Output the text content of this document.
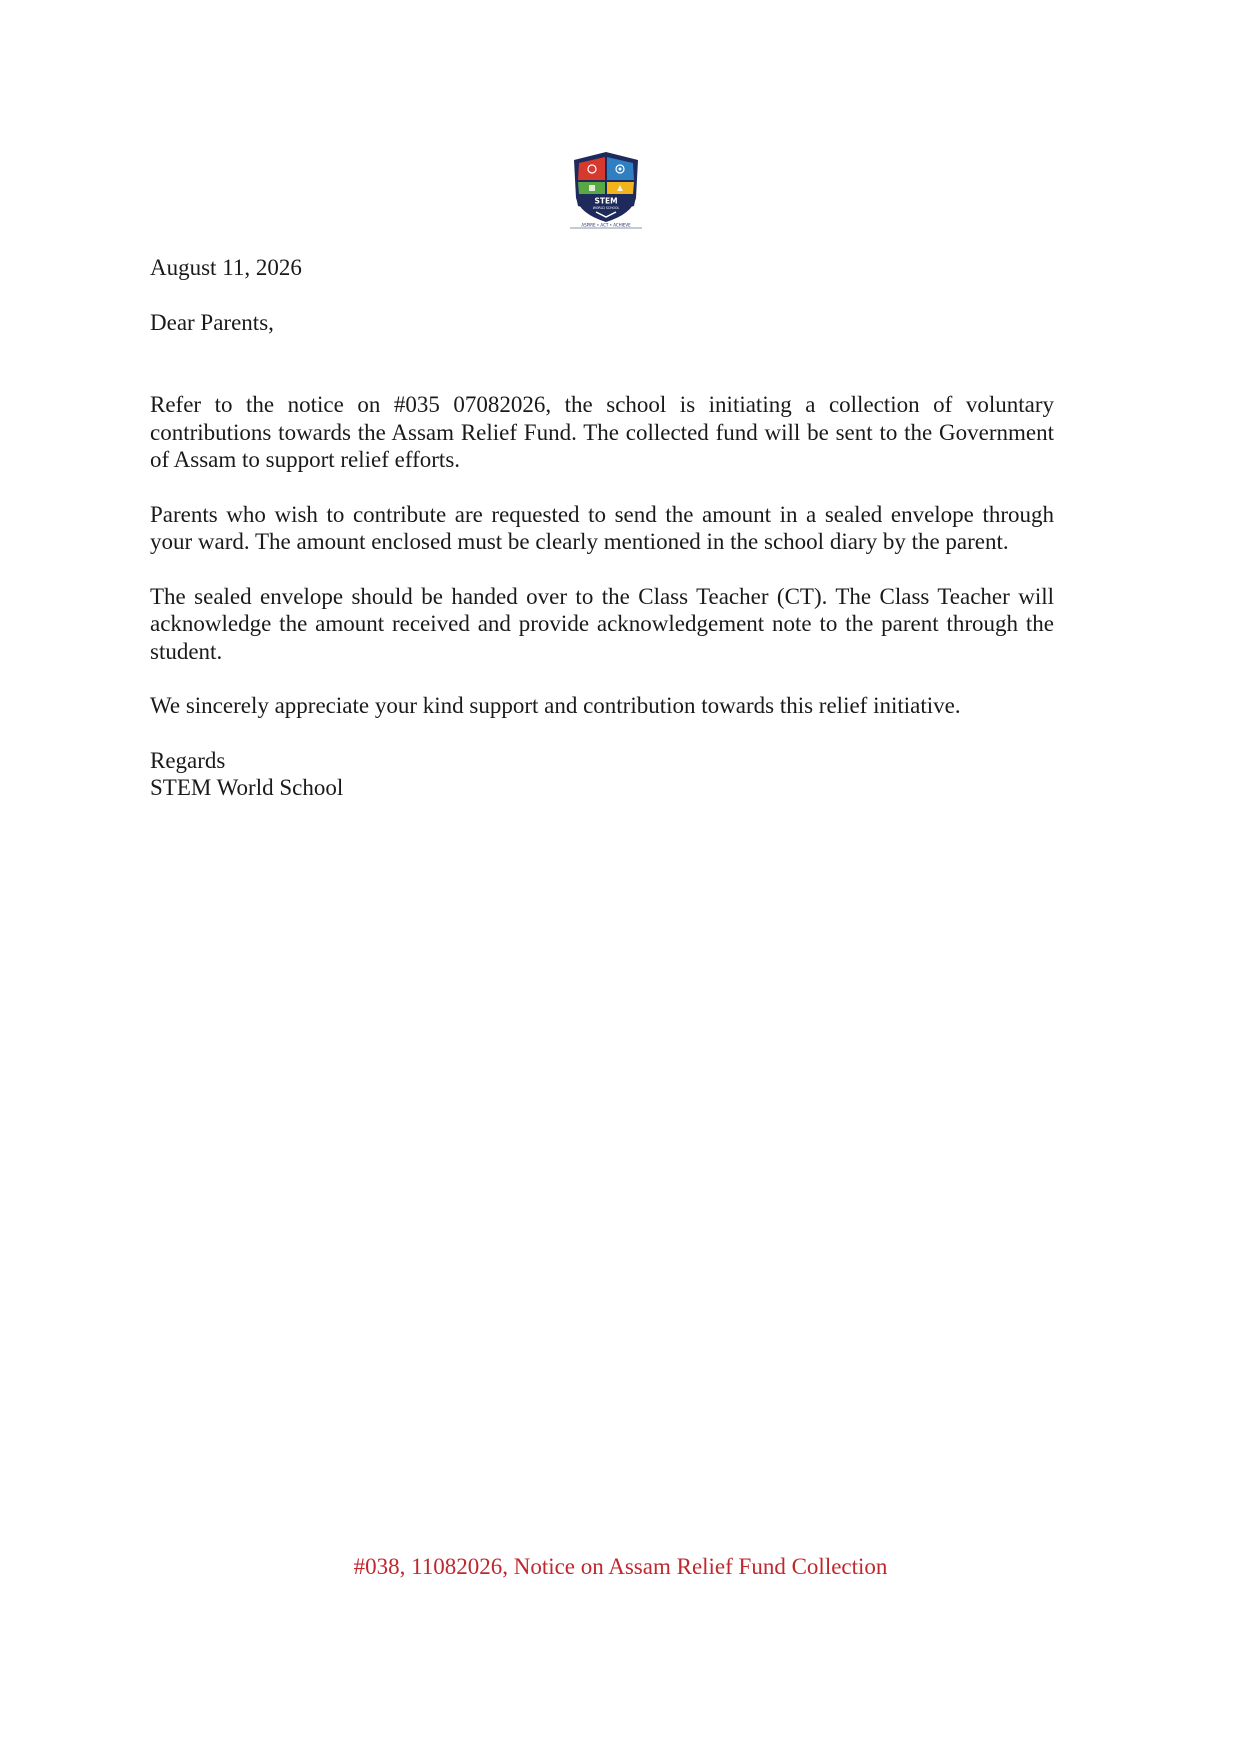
STEM
WORLD SCHOOL
ASPIRE • ACT • ACHIEVE

August 11, 2026

Dear Parents,

Refer to the notice on #035 07082026, the school is initiating a collection of voluntary contributions towards the Assam Relief Fund. The collected fund will be sent to the Government of Assam to support relief efforts.

Parents who wish to contribute are requested to send the amount in a sealed envelope through your ward. The amount enclosed must be clearly mentioned in the school diary by the parent.

The sealed envelope should be handed over to the Class Teacher (CT). The Class Teacher will acknowledge the amount received and provide acknowledgement note to the parent through the student.

We sincerely appreciate your kind support and contribution towards this relief initiative.

Regards

STEM World School

#038, 11082026, Notice on Assam Relief Fund Collection
